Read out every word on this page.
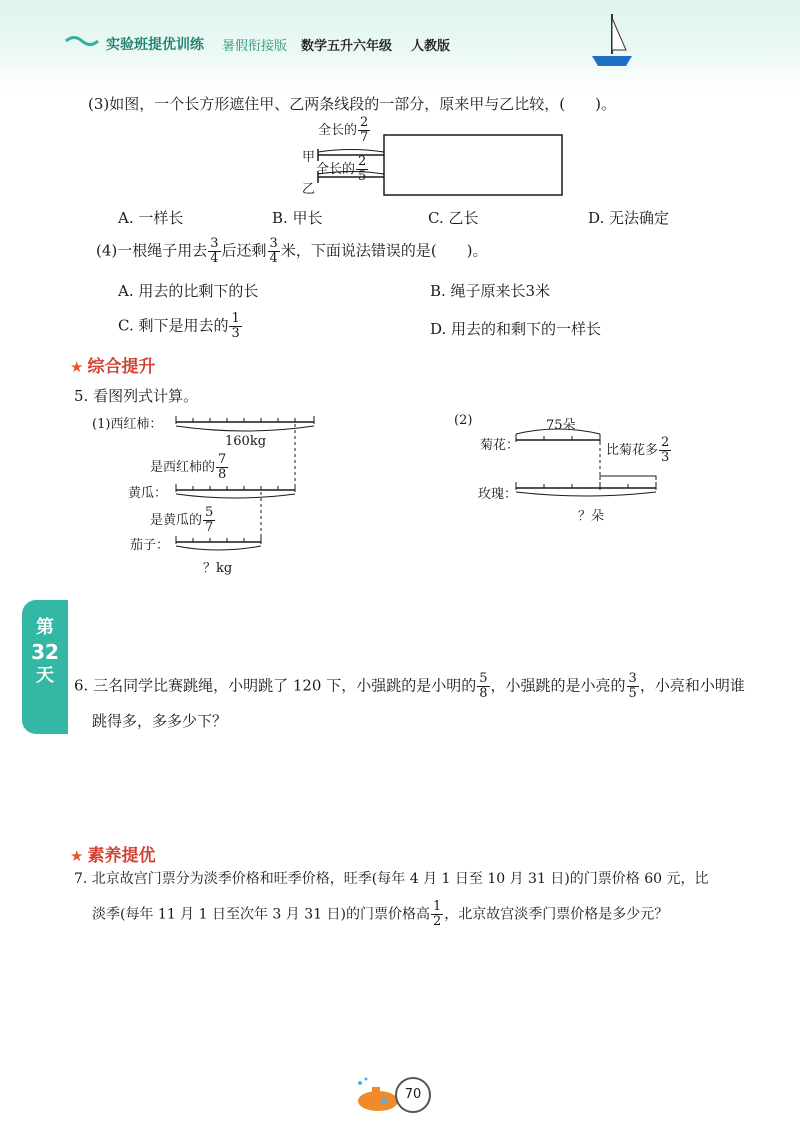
实验班提优训练 暑假衔接版 数学五升六年级 人教版
(3)如图，一个长方形遮住甲、乙两条线段的一部分，原来甲与乙比较，(　　)。
全长的 $\frac{2}{7}$
甲
全长的 $\frac{2}{5}$
乙
A. 一样长	B. 甲长	C. 乙长	D. 无法确定
(4)一根绳子用去 $\frac{3}{4}$ 后还剩 $\frac{3}{4}$ 米，下面说法错误的是(　　)。
A. 用去的比剩下的长	B. 绳子原来长3米
C. 剩下是用去的 $\frac{1}{3}$	D. 用去的和剩下的一样长
★ 综合提升
5. 看图列式计算。
(1)西红柿：
160kg
是西红柿的 $\frac{7}{8}$
黄瓜：
是黄瓜的 $\frac{5}{7}$
茄子：
？kg
(2)	75朵
菊花：	比菊花多 $\frac{2}{3}$
玫瑰：
？朵
第
32
天	6. 三名同学比赛跳绳，小明跳了 120 下，小强跳的是小明的 $\frac{5}{8}$ ，小强跳的是小亮的 $\frac{3}{5}$ ，小亮和小明谁
跳得多，多多少下？
★ 素养提优
7. 北京故宫门票分为淡季价格和旺季价格，旺季(每年 4 月 1 日至 10 月 31 日)的门票价格 60 元，比
淡季(每年 11 月 1 日至次年 3 月 31 日)的门票价格高 $\frac{1}{2}$ ，北京故宫淡季门票价格是多少元？
70
